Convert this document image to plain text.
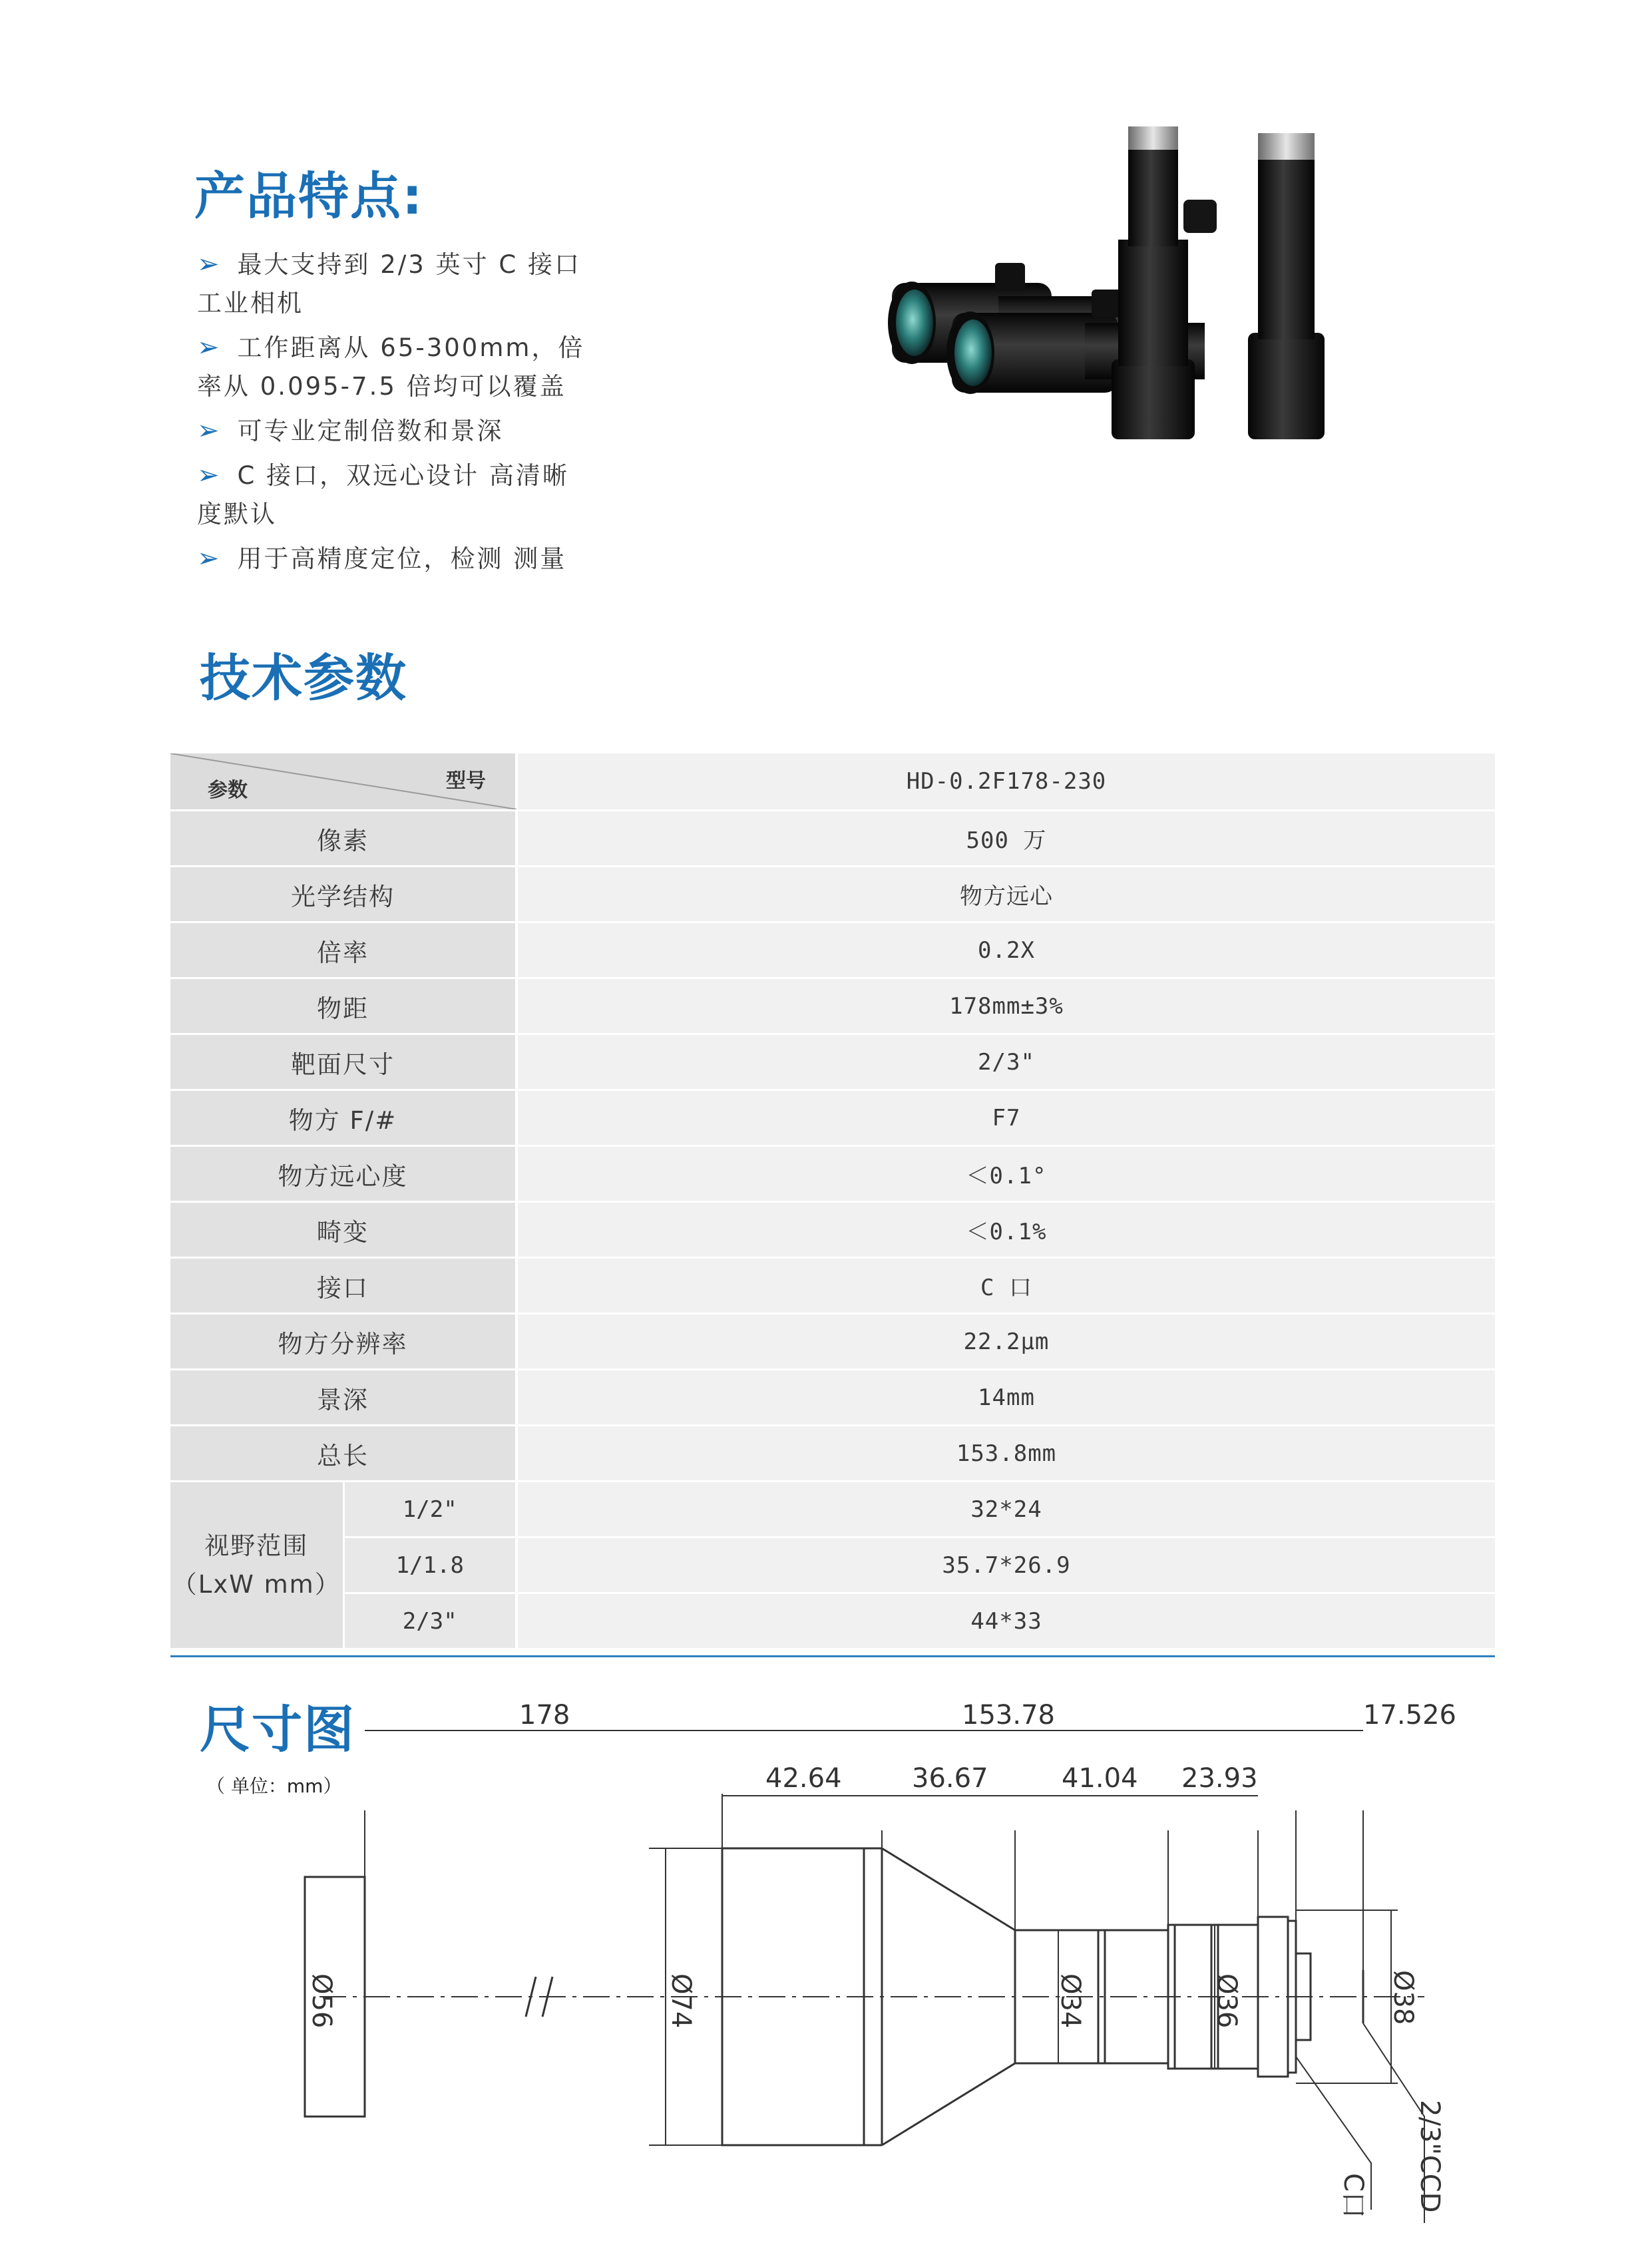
产品特点:
➢ 最大支持到 2/3 英寸 C 接口工业相机
➢ 工作距离从 65-300mm，倍率从 0.095-7.5 倍均可以覆盖
➢ 可专业定制倍数和景深
➢ C 接口，双远心设计 高清晰度默认
➢ 用于高精度定位，检测 测量
技术参数
型号
参数		HD-0.2F178-230
像素		500 万
光学结构		物方远心
倍率		0.2X
物距		178mm±3%
靶面尺寸		2/3"
物方 F/#		F7
物方远心度		＜0.1°
畸变		＜0.1%
接口		C 口
物方分辨率		22.2μm
景深		14mm
总长		153.8mm

视野范围
（LxW mm）	1/2"	32*24
	1/1.8	35.7*26.9
	2/3"	44*33
尺寸图

（ 单位：mm）

178	153.78	17.526
42.64	36.67	41.04 23.93
Ø56	Ø74	Ø34	Ø36	Ø38
C口 2/3"CCD
